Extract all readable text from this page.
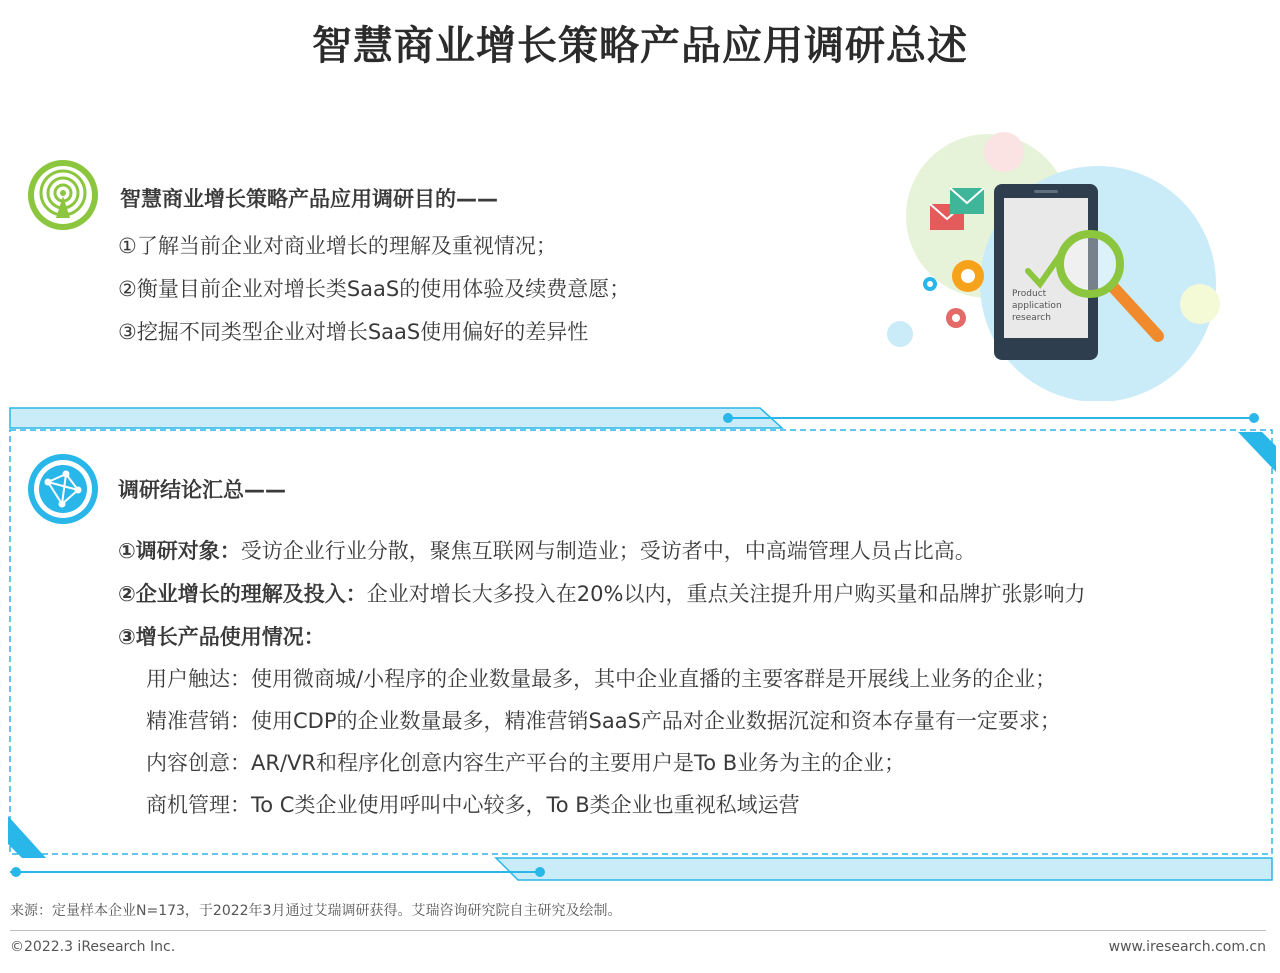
智慧商业增长策略产品应用调研总述
智慧商业增长策略产品应用调研目的——
①了解当前企业对商业增长的理解及重视情况；
②衡量目前企业对增长类SaaS的使用体验及续费意愿；
③挖掘不同类型企业对增长SaaS使用偏好的差异性
Product
application
research
调研结论汇总——
①调研对象：受访企业行业分散，聚焦互联网与制造业；受访者中，中高端管理人员占比高。
②企业增长的理解及投入：企业对增长大多投入在20%以内，重点关注提升用户购买量和品牌扩张影响力
③增长产品使用情况：
用户触达：使用微商城/小程序的企业数量最多，其中企业直播的主要客群是开展线上业务的企业；
精准营销：使用CDP的企业数量最多，精准营销SaaS产品对企业数据沉淀和资本存量有一定要求；
内容创意：AR/VR和程序化创意内容生产平台的主要用户是To B业务为主的企业；
商机管理：To C类企业使用呼叫中心较多，To B类企业也重视私域运营
来源：定量样本企业N=173，于2022年3月通过艾瑞调研获得。艾瑞咨询研究院自主研究及绘制。
©2022.3 iResearch Inc.	www.iresearch.com.cn
